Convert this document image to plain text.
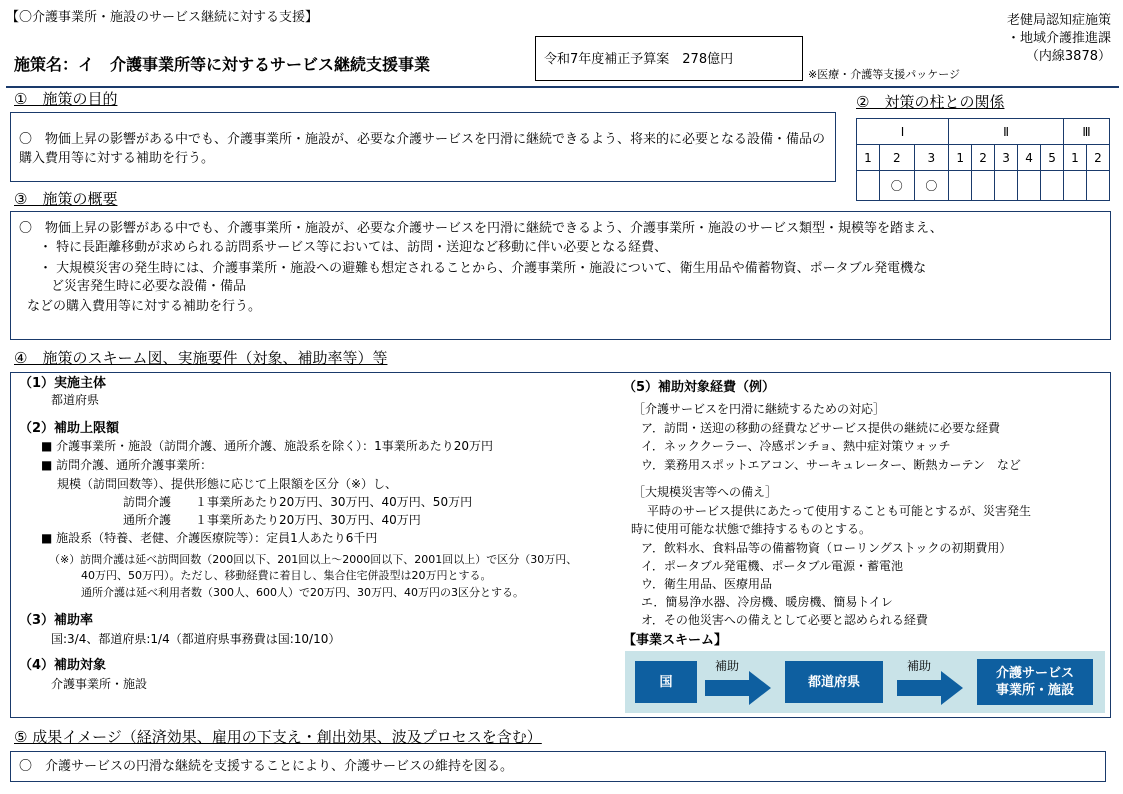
【〇介護事業所・施設のサービス継続に対する支援】
施策名：イ　介護事業所等に対するサービス継続支援事業	令和7年度補正予算案　278億円
※医療・介護等支援パッケージ
老健局認知症施策
・地域介護推進課
（内線3878）
①　施策の目的
〇　物価上昇の影響がある中でも、介護事業所・施設が、必要な介護サービスを円滑に継続できるよう、将来的に必要となる設備・備品の購入費用等に対する補助を行う。
②　対策の柱との関係
Ⅰ			Ⅱ					Ⅲ	
1	2	3	1	2	3	4	5	1	2
	〇	〇							
③　施策の概要
〇　物価上昇の影響がある中でも、介護事業所・施設が、必要な介護サービスを円滑に継続できるよう、介護事業所・施設のサービス類型・規模等を踏まえ、
・ 特に長距離移動が求められる訪問系サービス等においては、訪問・送迎など移動に伴い必要となる経費、
・ 大規模災害の発生時には、介護事業所・施設への避難も想定されることから、介護事業所・施設について、衛生用品や備蓄物資、ポータブル発電機な
ど災害発生時に必要な設備・備品
などの購入費用等に対する補助を行う。
④　施策のスキーム図、実施要件（対象、補助率等）等
（1）実施主体
都道府県
（2）補助上限額
■ 介護事業所・施設（訪問介護、通所介護、施設系を除く）：1事業所あたり20万円
■ 訪問介護、通所介護事業所：
規模（訪問回数等）、提供形態に応じて上限額を区分（※）し、
訪問介護　　１事業所あたり20万円、30万円、40万円、50万円
通所介護　　１事業所あたり20万円、30万円、40万円
■ 施設系（特養、老健、介護医療院等）：定員1人あたり6千円
（※）訪問介護は延べ訪問回数（200回以下、201回以上～2000回以下、2001回以上）で区分（30万円、
40万円、50万円）。ただし、移動経費に着目し、集合住宅併設型は20万円とする。
通所介護は延べ利用者数（300人、600人）で20万円、30万円、40万円の3区分とする。
（3）補助率
国:3/4、都道府県:1/4（都道府県事務費は国:10/10）
（4）補助対象
介護事業所・施設
（5）補助対象経費（例）
［介護サービスを円滑に継続するための対応］
ア．訪問・送迎の移動の経費などサービス提供の継続に必要な経費
イ．ネッククーラー、冷感ポンチョ、熱中症対策ウォッチ
ウ．業務用スポットエアコン、サーキュレーター、断熱カーテン　など
［大規模災害等への備え］
平時のサービス提供にあたって使用することも可能とするが、災害発生
時に使用可能な状態で維持するものとする。
ア．飲料水、食料品等の備蓄物資（ローリングストックの初期費用）
イ．ポータブル発電機、ポータブル電源・蓄電池
ウ．衛生用品、医療用品
エ．簡易浄水器、冷房機、暖房機、簡易トイレ
オ．その他災害への備えとして必要と認められる経費
【事業スキーム】
国
補助
都道府県
補助	介護サービス
事業所・施設
⑤ 成果イメージ（経済効果、雇用の下支え・創出効果、波及プロセスを含む）
〇　介護サービスの円滑な継続を支援することにより、介護サービスの維持を図る。
